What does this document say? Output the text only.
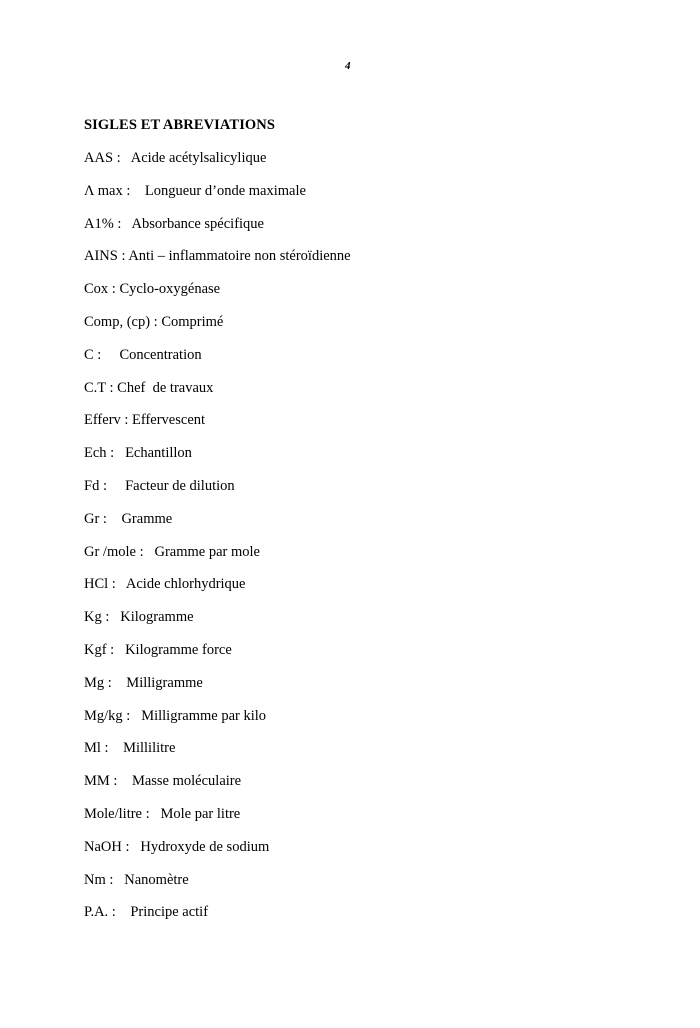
4
SIGLES ET ABREVIATIONS
AAS :   Acide acétylsalicylique
Λ max :    Longueur d’onde maximale
A1% :   Absorbance spécifique
AINS : Anti – inflammatoire non stéroïdienne
Cox : Cyclo-oxygénase
Comp, (cp) : Comprimé
C :     Concentration
C.T : Chef  de travaux
Efferv : Effervescent
Ech :   Echantillon
Fd :     Facteur de dilution
Gr :    Gramme
Gr /mole :   Gramme par mole
HCl :   Acide chlorhydrique
Kg :   Kilogramme
Kgf :   Kilogramme force
Mg :    Milligramme
Mg/kg :   Milligramme par kilo
Ml :    Millilitre
MM :    Masse moléculaire
Mole/litre :   Mole par litre
NaOH :   Hydroxyde de sodium
Nm :   Nanomètre
P.A. :    Principe actif
